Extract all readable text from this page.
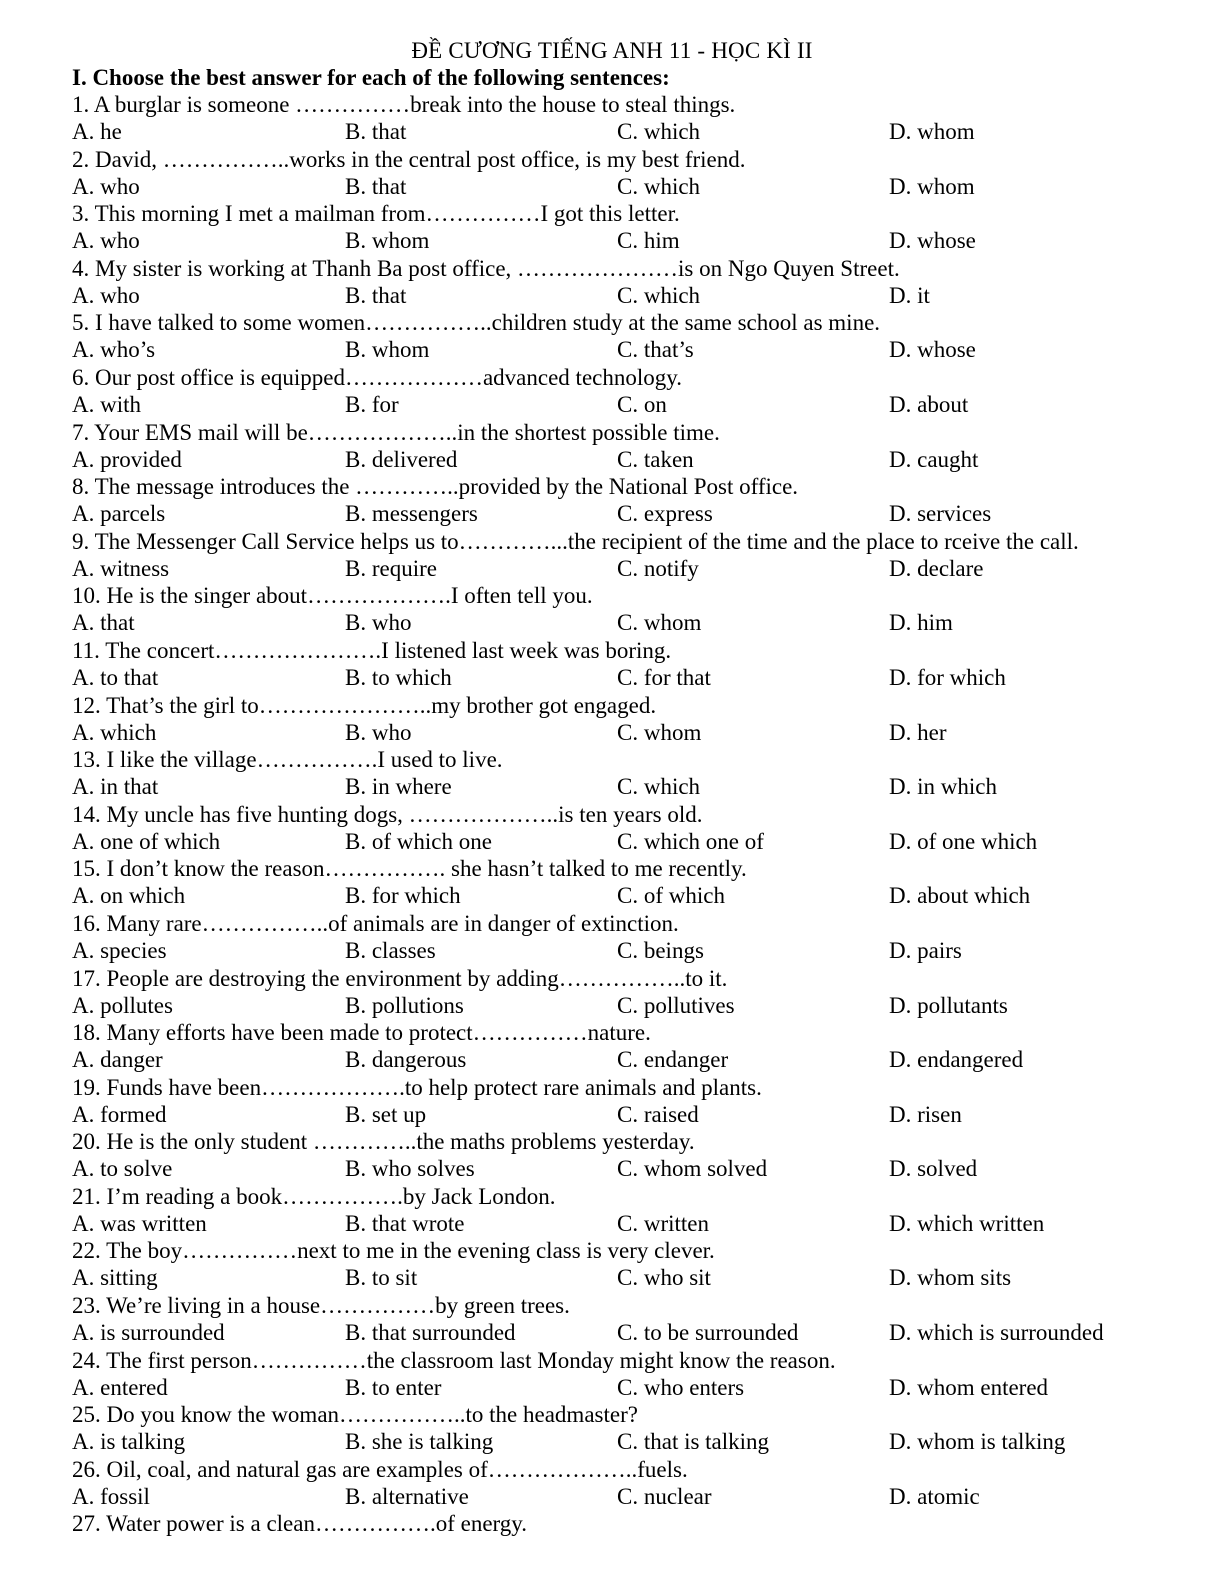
ĐỀ CƯƠNG TIẾNG ANH 11 - HỌC KÌ II
I. Choose the best answer for each of the following sentences:
1. A burglar is someone ……………break into the house to steal things.
A. he	B. that	C. which	D. whom
2. David, ……………..works in the central post office, is my best friend.
A. who	B. that	C. which	D. whom
3. This morning I met a mailman from……………I got this letter.
A. who	B. whom	C. him	D. whose
4. My sister is working at Thanh Ba post office, …………………is on Ngo Quyen Street.
A. who	B. that	C. which	D. it
5. I have talked to some women……………..children study at the same school as mine.
A. who’s	B. whom	C. that’s	D. whose
6. Our post office is equipped………………advanced technology.
A. with	B. for	C. on	D. about
7. Your EMS mail will be………………..in the shortest possible time.
A. provided	B. delivered	C. taken	D. caught
8. The message introduces the …………..provided by the National Post office.
A. parcels	B. messengers	C. express	D. services
9. The Messenger Call Service helps us to…………...the recipient of the time and the place to rceive the call.
A. witness	B. require	C. notify	D. declare
10. He is the singer about……………….I often tell you.
A. that	B. who	C. whom	D. him
11. The concert………………….I listened last week was boring.
A. to that	B. to which	C. for that	D. for which
12. That’s the girl to…………………..my brother got engaged.
A. which	B. who	C. whom	D. her
13. I like the village…………….I used to live.
A. in that	B. in where	C. which	D. in which
14. My uncle has five hunting dogs, ………………..is ten years old.
A. one of which	B. of which one	C. which one of	D. of one which
15. I don’t know the reason……………. she hasn’t talked to me recently.
A. on which	B. for which	C. of which	D. about which
16. Many rare……………..of animals are in danger of extinction.
A. species	B. classes	C. beings	D. pairs
17. People are destroying the environment by adding……………..to it.
A. pollutes	B. pollutions	C. pollutives	D. pollutants
18. Many efforts have been made to protect……………nature.
A. danger	B. dangerous	C. endanger	D. endangered
19. Funds have been……………….to help protect rare animals and plants.
A. formed	B. set up	C. raised	D. risen
20. He is the only student …………..the maths problems yesterday.
A. to solve	B. who solves	C. whom solved	D. solved
21. I’m reading a book…………….by Jack London.
A. was written	B. that wrote	C. written	D. which written
22. The boy……………next to me in the evening class is very clever.
A. sitting	B. to sit	C. who sit	D. whom sits
23. We’re living in a house……………by green trees.
A. is surrounded	B. that surrounded	C. to be surrounded	D. which is surrounded
24. The first person……………the classroom last Monday might know the reason.
A. entered	B. to enter	C. who enters	D. whom entered
25. Do you know the woman……………..to the headmaster?
A. is talking	B. she is talking	C. that is talking	D. whom is talking
26. Oil, coal, and natural gas are examples of………………..fuels.
A. fossil	B. alternative	C. nuclear	D. atomic
27. Water power is a clean…………….of energy.
